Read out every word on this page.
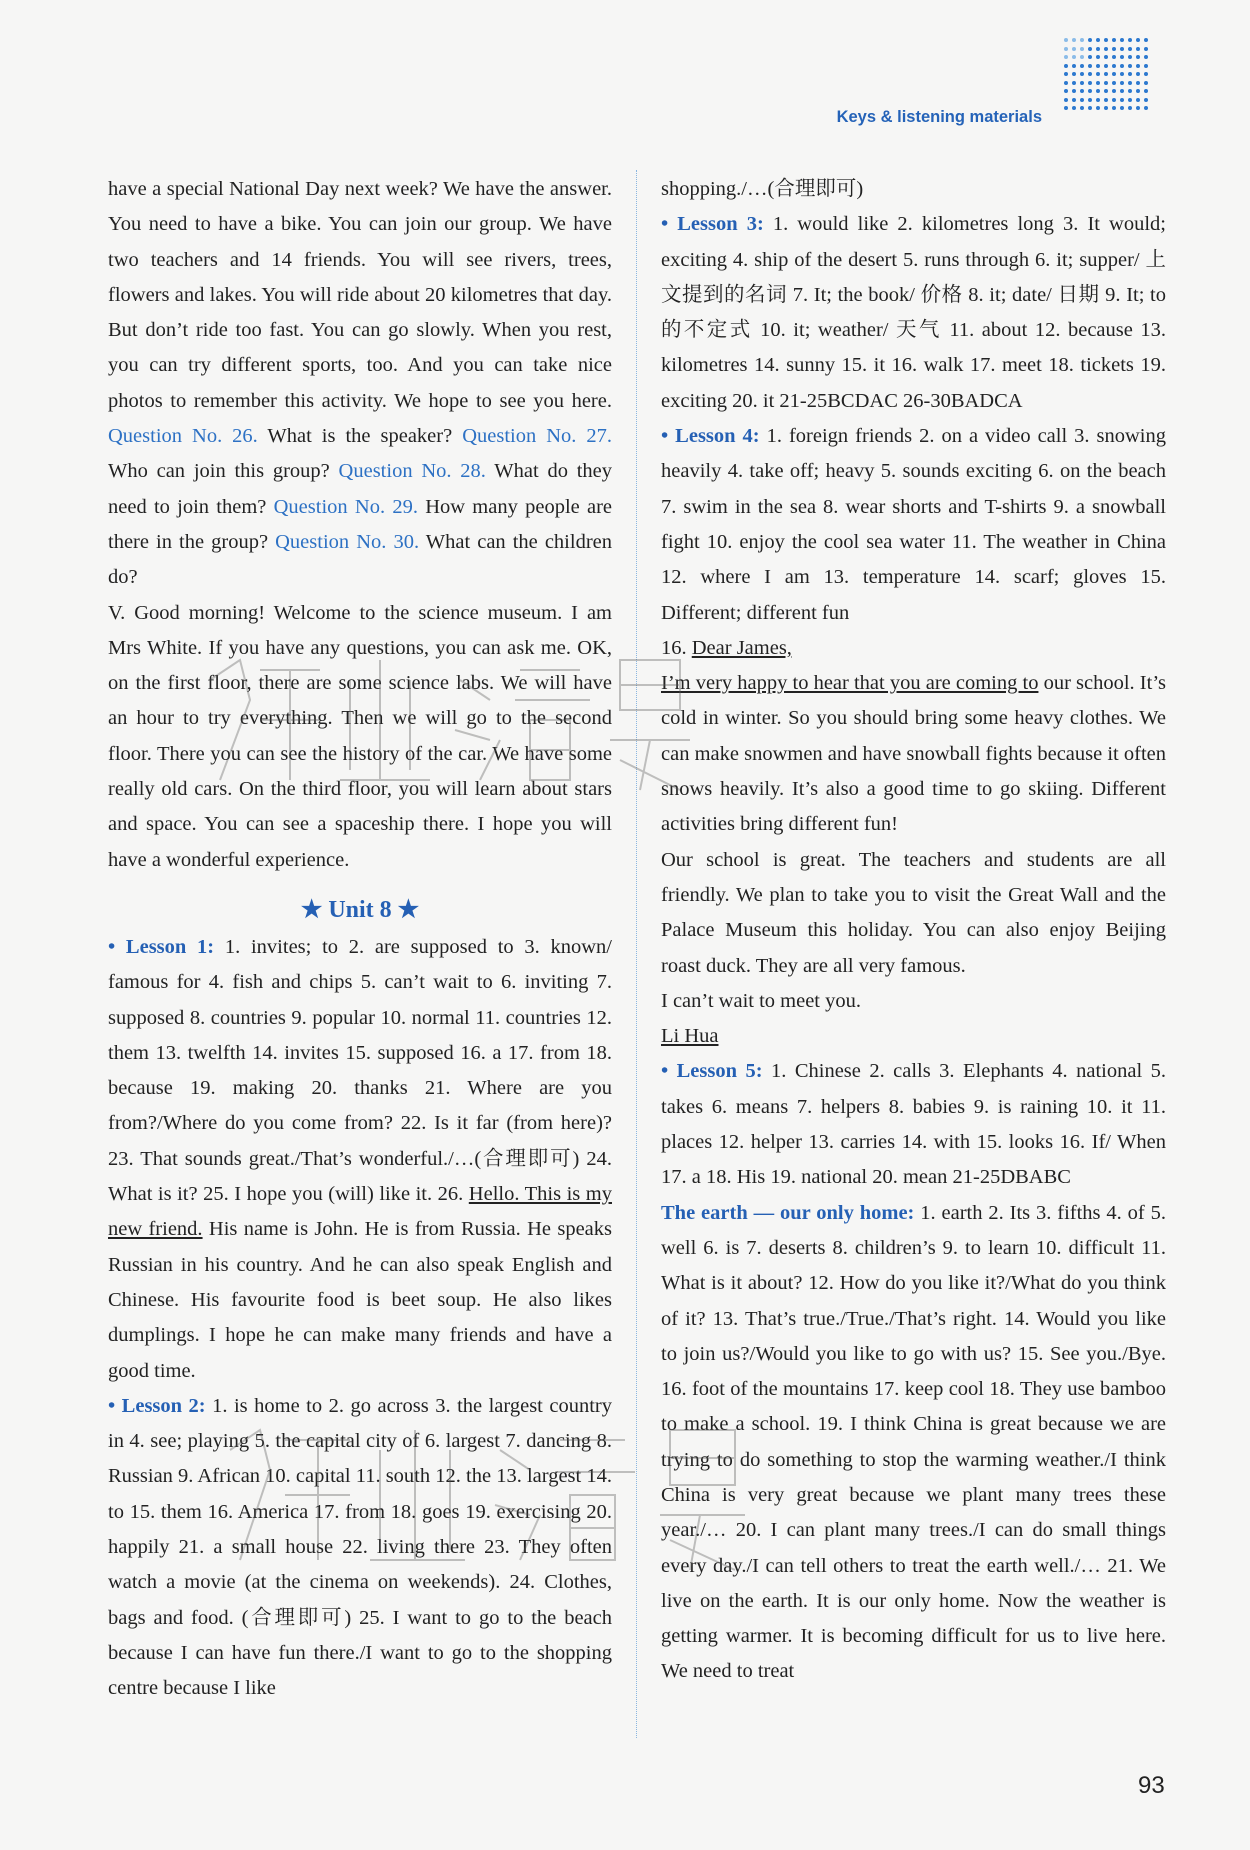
Keys & listening materials

have a special National Day next week? We have the answer. You need to have a bike. You can join our group. We have two teachers and 14 friends. You will see rivers, trees, flowers and lakes. You will ride about 20 kilometres that day. But don’t ride too fast. You can go slowly. When you rest, you can try different sports, too. And you can take nice photos to remember this activity. We hope to see you here. Question No. 26. What is the speaker? Question No. 27. Who can join this group? Question No. 28. What do they need to join them? Question No. 29. How many people are there in the group? Question No. 30. What can the children do?

V. Good morning! Welcome to the science museum. I am Mrs White. If you have any questions, you can ask me. OK, on the first floor, there are some science labs. We will have an hour to try everything. Then we will go to the second floor. There you can see the history of the car. We have some really old cars. On the third floor, you will learn about stars and space. You can see a spaceship there. I hope you will have a wonderful experience.

★ Unit 8 ★

• Lesson 1: 1. invites; to 2. are supposed to 3. known/ famous for 4. fish and chips 5. can’t wait to 6. inviting 7. supposed 8. countries 9. popular 10. normal 11. countries 12. them 13. twelfth 14. invites 15. supposed 16. a 17. from 18. because 19. making 20. thanks 21. Where are you from?/Where do you come from? 22. Is it far (from here)? 23. That sounds great./That’s wonderful./…(合理即可) 24. What is it? 25. I hope you (will) like it. 26. Hello. This is my new friend. His name is John. He is from Russia. He speaks Russian in his country. And he can also speak English and Chinese. His favourite food is beet soup. He also likes dumplings. I hope he can make many friends and have a good time.

• Lesson 2: 1. is home to 2. go across 3. the largest country in 4. see; playing 5. the capital city of 6. largest 7. dancing 8. Russian 9. African 10. capital 11. south 12. the 13. largest 14. to 15. them 16. America 17. from 18. goes 19. exercising 20. happily 21. a small house 22. living there 23. They often watch a movie (at the cinema on weekends). 24. Clothes, bags and food. (合理即可) 25. I want to go to the beach because I can have fun there./I want to go to the shopping centre because I like

shopping./…(合理即可)

• Lesson 3: 1. would like 2. kilometres long 3. It would; exciting 4. ship of the desert 5. runs through 6. it; supper/ 上文提到的名词 7. It; the book/ 价格 8. it; date/ 日期 9. It; to 的不定式 10. it; weather/ 天气 11. about 12. because 13. kilometres 14. sunny 15. it 16. walk 17. meet 18. tickets 19. exciting 20. it 21-25BCDAC 26-30BADCA

• Lesson 4: 1. foreign friends 2. on a video call 3. snowing heavily 4. take off; heavy 5. sounds exciting 6. on the beach 7. swim in the sea 8. wear shorts and T-shirts 9. a snowball fight 10. enjoy the cool sea water 11. The weather in China 12. where I am 13. temperature 14. scarf; gloves 15. Different; different fun

16. Dear James,

I’m very happy to hear that you are coming to our school. It’s cold in winter. So you should bring some heavy clothes. We can make snowmen and have snowball fights because it often snows heavily. It’s also a good time to go skiing. Different activities bring different fun!

Our school is great. The teachers and students are all friendly. We plan to take you to visit the Great Wall and the Palace Museum this holiday. You can also enjoy Beijing roast duck. They are all very famous.

I can’t wait to meet you.

Li Hua

• Lesson 5: 1. Chinese 2. calls 3. Elephants 4. national 5. takes 6. means 7. helpers 8. babies 9. is raining 10. it 11. places 12. helper 13. carries 14. with 15. looks 16. If/ When 17. a 18. His 19. national 20. mean 21-25DBABC

The earth — our only home: 1. earth 2. Its 3. fifths 4. of 5. well 6. is 7. deserts 8. children’s 9. to learn 10. difficult 11. What is it about? 12. How do you like it?/What do you think of it? 13. That’s true./True./That’s right. 14. Would you like to join us?/Would you like to go with us? 15. See you./Bye. 16. foot of the mountains 17. keep cool 18. They use bamboo to make a school. 19. I think China is great because we are trying to do something to stop the warming weather./I think China is very great because we plant many trees these year./… 20. I can plant many trees./I can do small things every day./I can tell others to treat the earth well./… 21. We live on the earth. It is our only home. Now the weather is getting warmer. It is becoming difficult for us to live here. We need to treat

93
